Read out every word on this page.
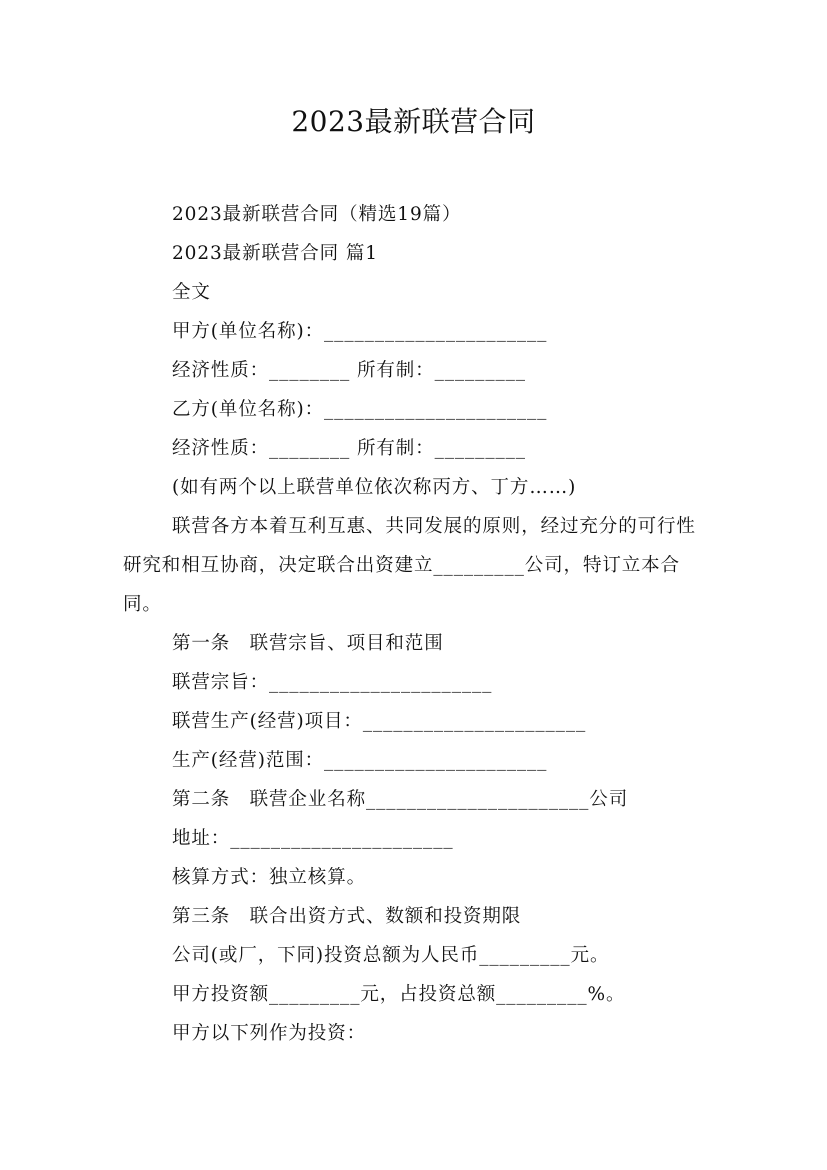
2023最新联营合同

2023最新联营合同（精选19篇）

2023最新联营合同 篇1

全文

甲方(单位名称)：______________________

经济性质：________ 所有制：_________

乙方(单位名称)：______________________

经济性质：________ 所有制：_________

(如有两个以上联营单位依次称丙方、丁方……)

联营各方本着互利互惠、共同发展的原则，经过充分的可行性研究和相互协商，决定联合出资建立_________公司，特订立本合同。

第一条　联营宗旨、项目和范围

联营宗旨：______________________

联营生产(经营)项目：______________________

生产(经营)范围：______________________

第二条　联营企业名称______________________公司

地址：______________________

核算方式：独立核算。

第三条　联合出资方式、数额和投资期限

公司(或厂，下同)投资总额为人民币_________元。

甲方投资额_________元，占投资总额_________%。

甲方以下列作为投资：
